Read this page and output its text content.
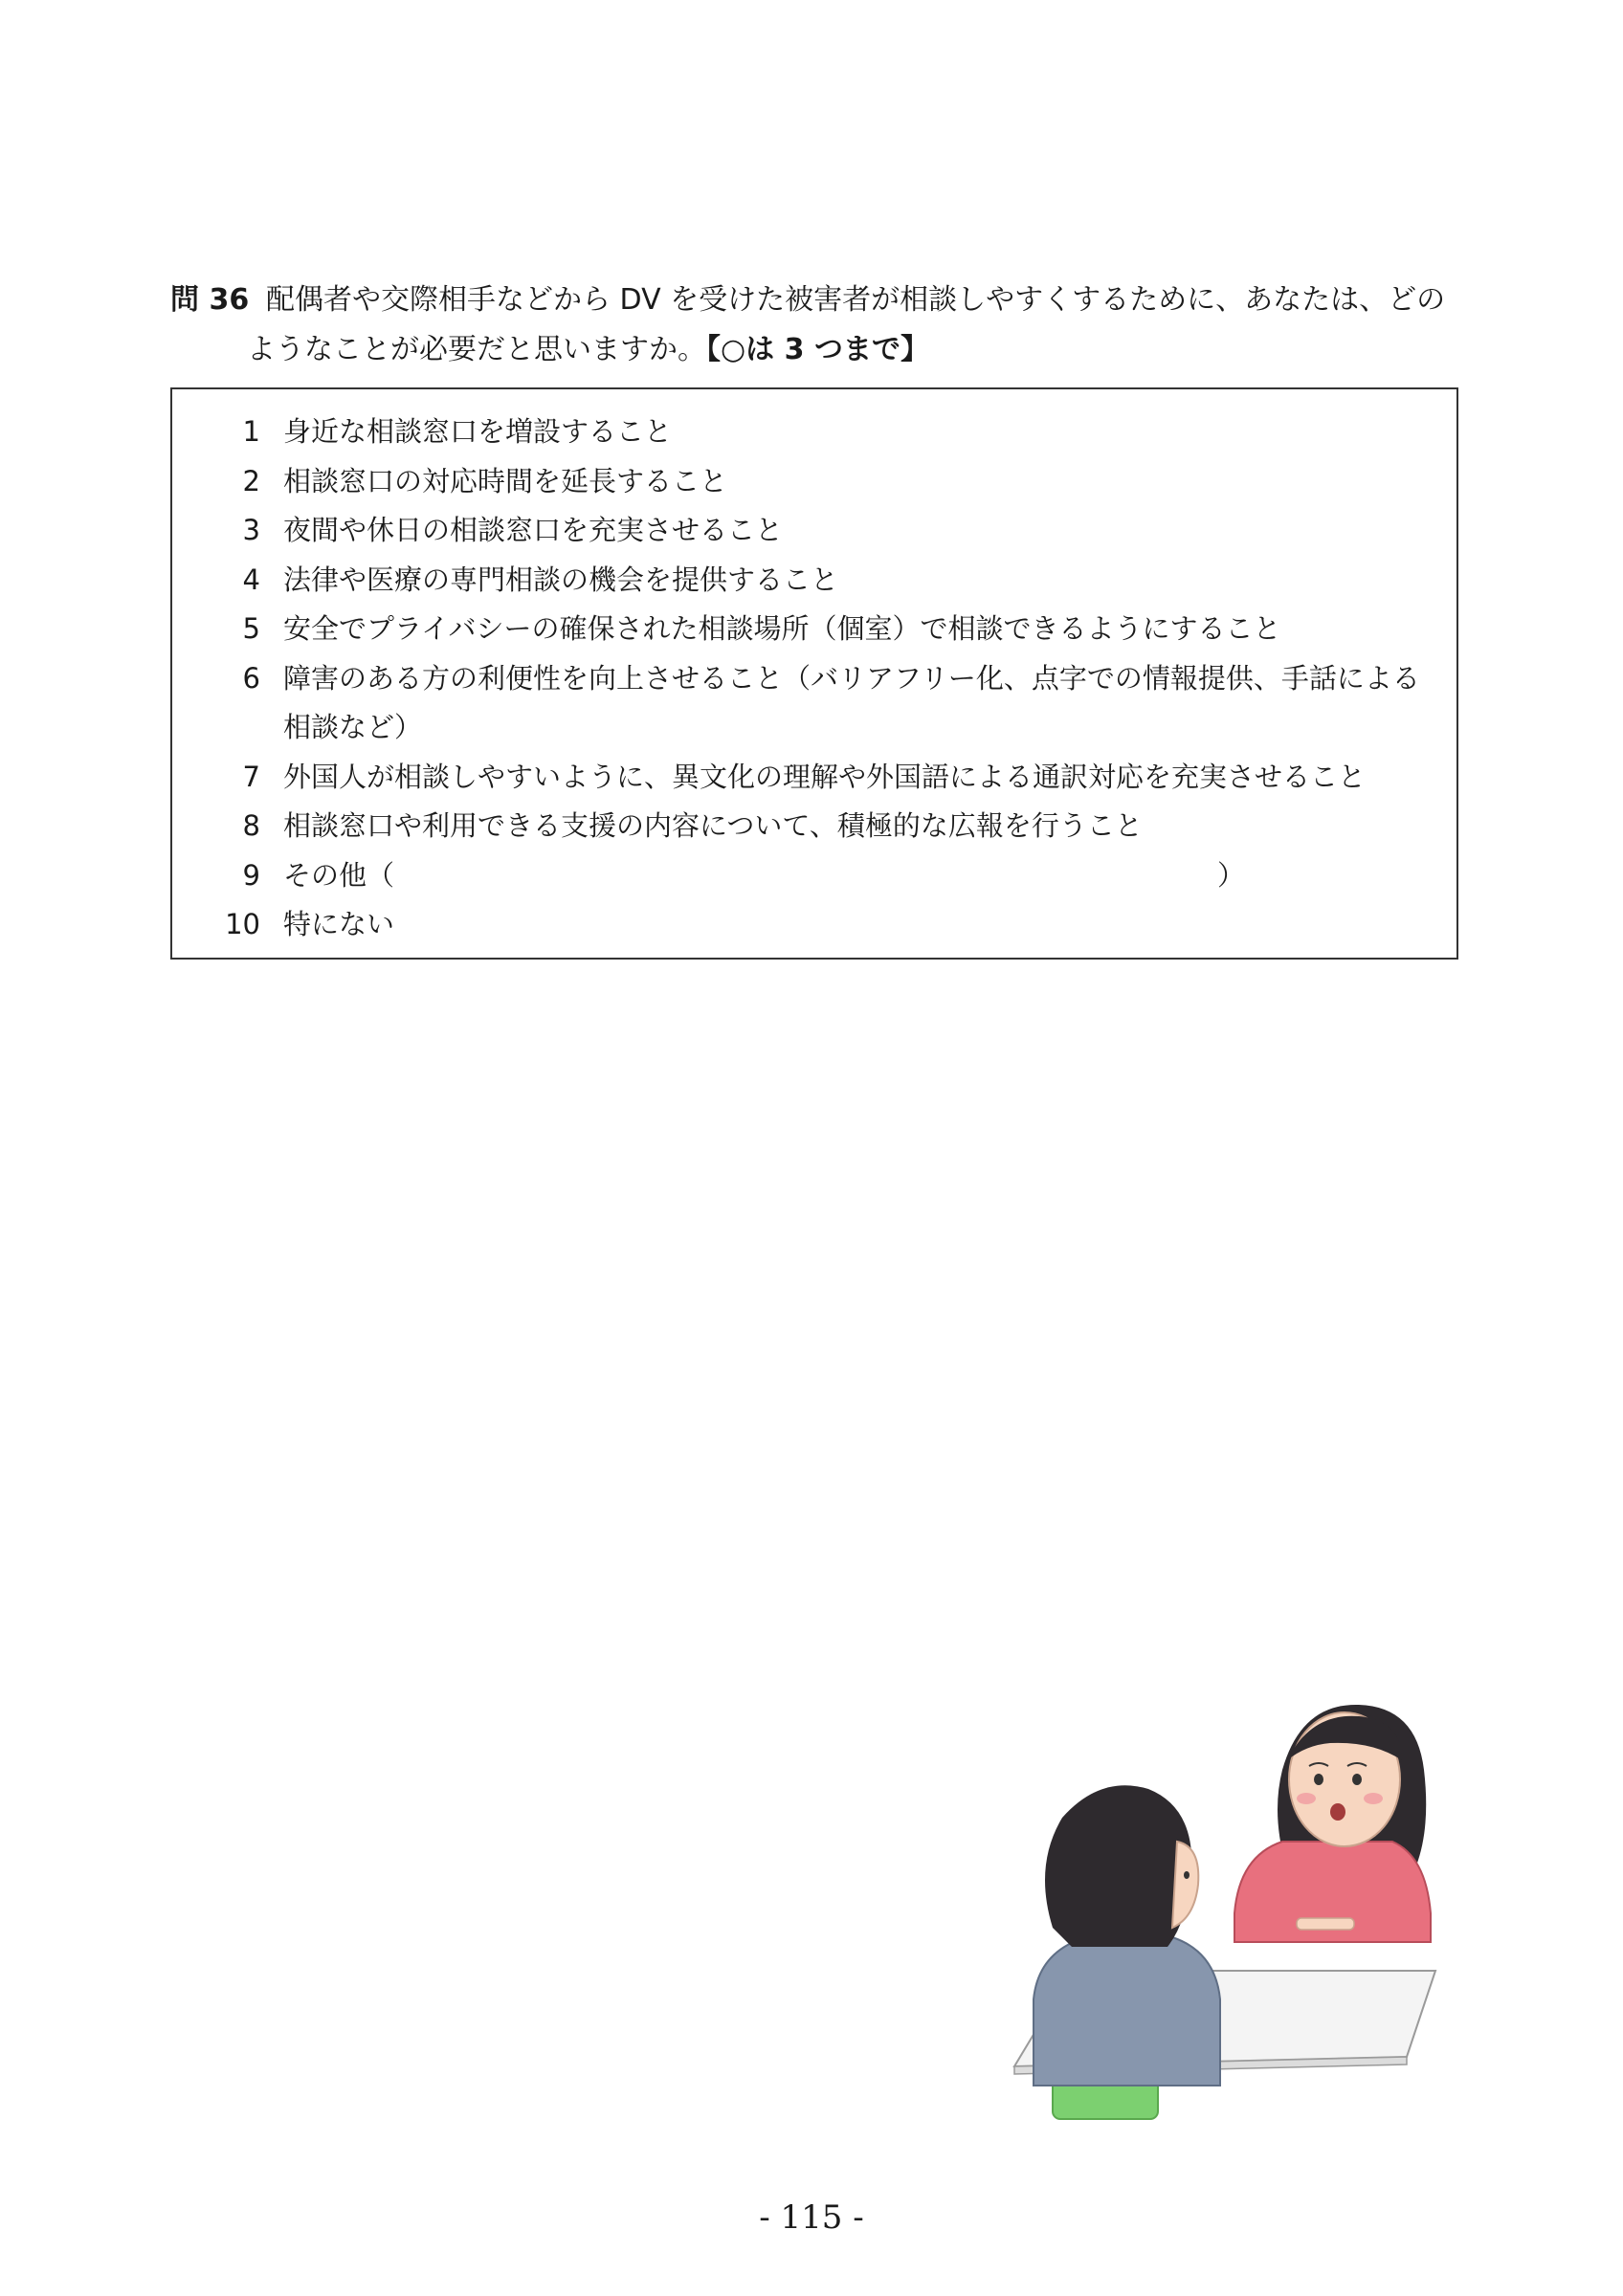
問 36 配偶者や交際相手などから DV を受けた被害者が相談しやすくするために、あなたは、どの
ようなことが必要だと思いますか。【○は 3 つまで】
1 身近な相談窓口を増設すること
2 相談窓口の対応時間を延長すること
3 夜間や休日の相談窓口を充実させること
4 法律や医療の専門相談の機会を提供すること
5 安全でプライバシーの確保された相談場所（個室）で相談できるようにすること
6 障害のある方の利便性を向上させること（バリアフリー化、点字での情報提供、手話による相談など）
7 外国人が相談しやすいように、異文化の理解や外国語による通訳対応を充実させること
8 相談窓口や利用できる支援の内容について、積極的な広報を行うこと
9 その他（	）
10 特にない
- 115 -
